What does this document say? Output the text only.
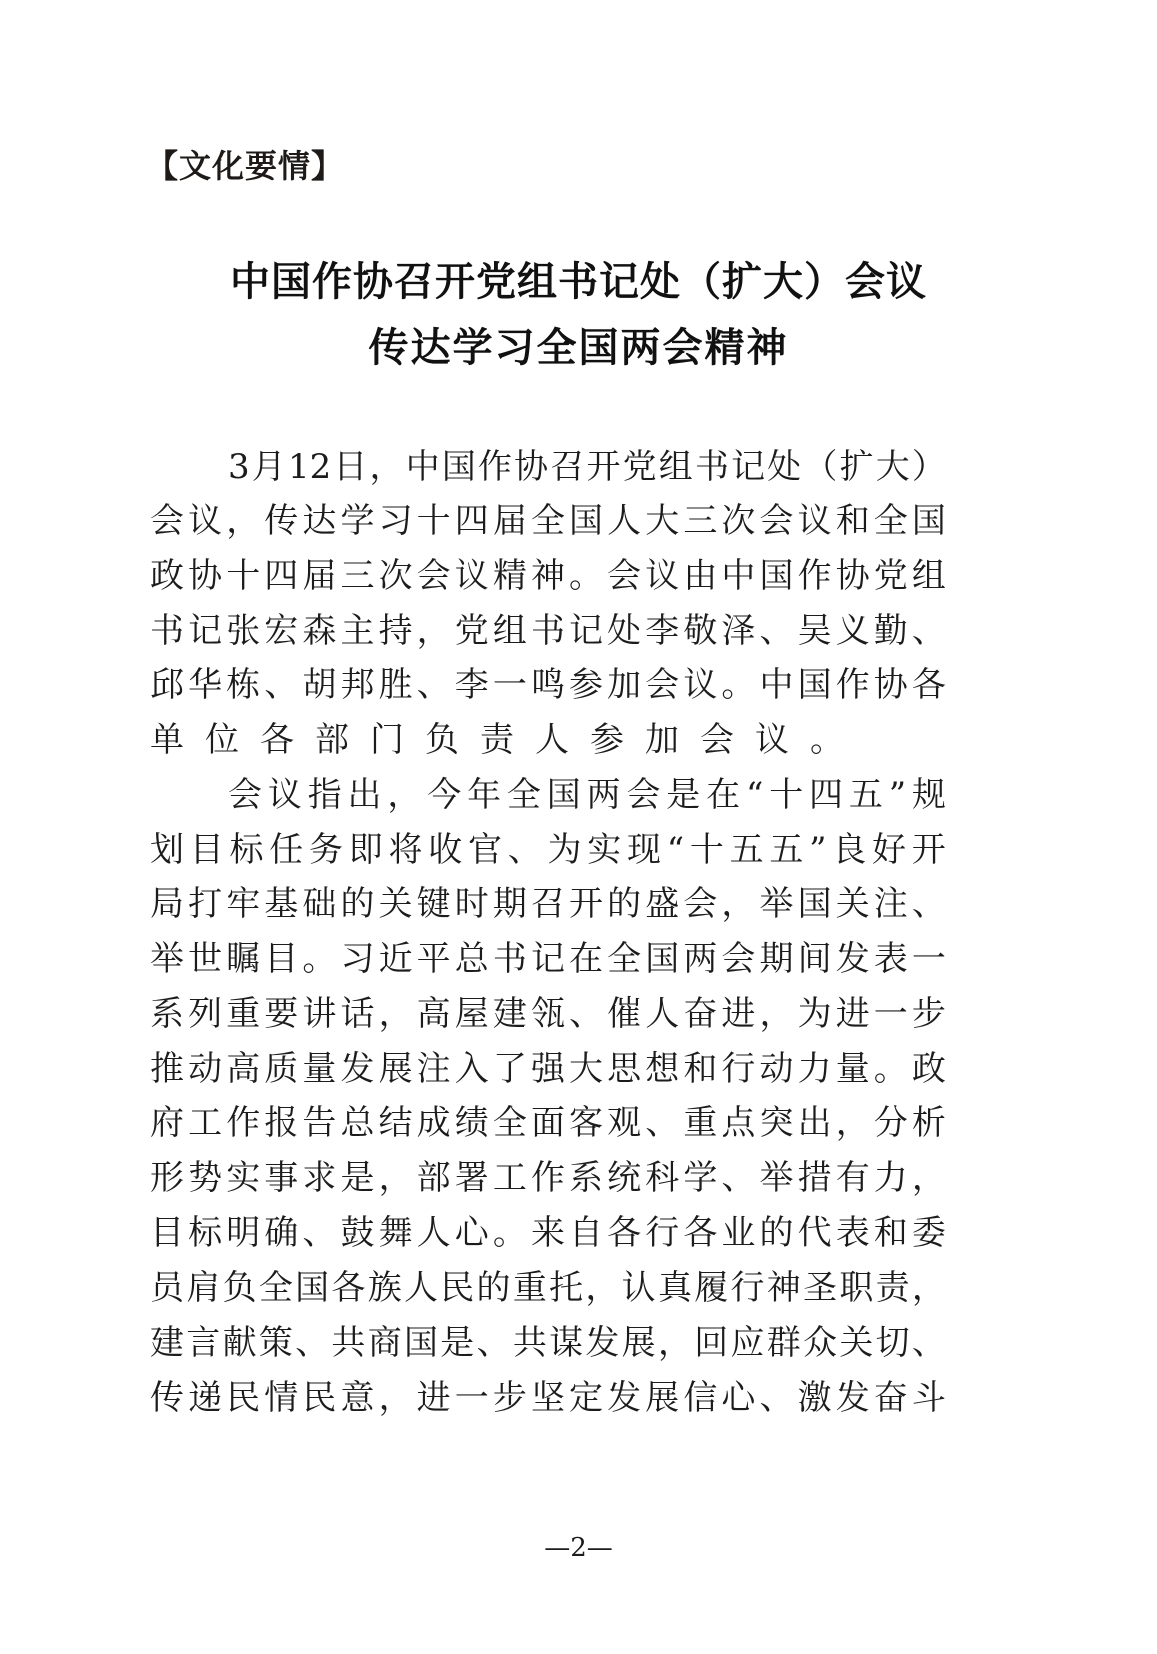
【文化要情】
中国作协召开党组书记处（扩大）会议
传达学习全国两会精神
3 月 12 日 ， 中 国 作 协 召 开 党 组 书 记 处 （ 扩 大 ）
会 议 ， 传 达 学 习 十 四 届 全 国 人 大 三 次 会 议 和 全 国
政 协 十 四 届 三 次 会 议 精 神 。 会 议 由 中 国 作 协 党 组
书 记 张 宏 森 主 持 ， 党 组 书 记 处 李 敬 泽 、 吴 义 勤 、
邱 华 栋 、 胡 邦 胜 、 李 一 鸣 参 加 会 议 。 中 国 作 协 各
单 位 各 部 门 负 责 人 参 加 会 议 。
会 议 指 出 ， 今 年 全 国 两 会 是 在 “ 十 四 五 ” 规
划 目 标 任 务 即 将 收 官 、 为 实 现 “ 十 五 五 ” 良 好 开
局 打 牢 基 础 的 关 键 时 期 召 开 的 盛 会 ， 举 国 关 注 、
举 世 瞩 目 。 习 近 平 总 书 记 在 全 国 两 会 期 间 发 表 一
系 列 重 要 讲 话 ， 高 屋 建 瓴 、 催 人 奋 进 ， 为 进 一 步
推 动 高 质 量 发 展 注 入 了 强 大 思 想 和 行 动 力 量 。 政
府 工 作 报 告 总 结 成 绩 全 面 客 观 、 重 点 突 出 ， 分 析
形 势 实 事 求 是 ， 部 署 工 作 系 统 科 学 、 举 措 有 力 ，
目 标 明 确 、 鼓 舞 人 心 。 来 自 各 行 各 业 的 代 表 和 委
员 肩 负 全 国 各 族 人 民 的 重 托 ， 认 真 履 行 神 圣 职 责 ，
建 言 献 策 、 共 商 国 是 、 共 谋 发 展 ， 回 应 群 众 关 切 、
传 递 民 情 民 意 ， 进 一 步 坚 定 发 展 信 心 、 激 发 奋 斗
—2—
